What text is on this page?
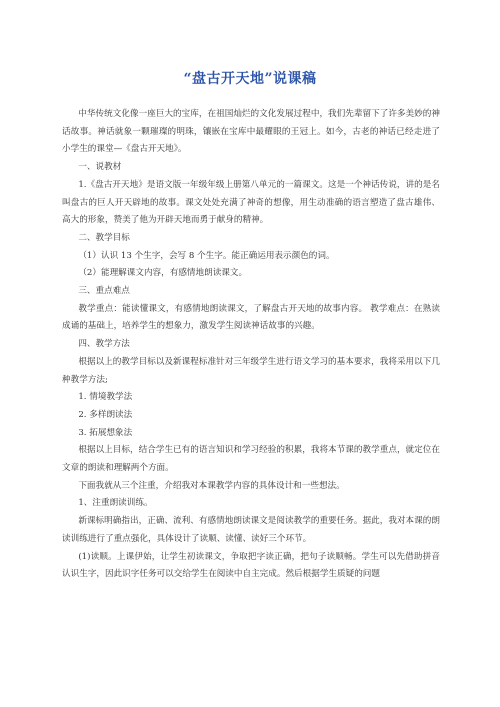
“盘古开天地”说课稿

中华传统文化像一座巨大的宝库，在祖国灿烂的文化发展过程中，我们先辈留下了许多美妙的神话故事。神话就象一颗璀璨的明珠，镶嵌在宝库中最耀眼的王冠上。如今，古老的神话已经走进了小学生的课堂—《盘古开天地》。

一、说教材

1.《盘古开天地》是语文版一年级年级上册第八单元的一篇课文。这是一个神话传说，讲的是名叫盘古的巨人开天辟地的故事。课文处处充满了神奇的想像，用生动准确的语言塑造了盘古雄伟、高大的形象，赞美了他为开辟天地而勇于献身的精神。

二、教学目标

（1）认识 13 个生字，会写 8 个生字。能正确运用表示颜色的词。

（2）能理解课文内容，有感情地朗读课文。

三、重点难点

教学重点：能读懂课文，有感情地朗读课文，了解盘古开天地的故事内容。 教学难点：在熟读成诵的基础上，培养学生的想象力，激发学生阅读神话故事的兴趣。

四、教学方法

根据以上的教学目标以及新课程标准针对三年级学生进行语文学习的基本要求，我将采用以下几种教学方法;

1. 情境教学法

2. 多样朗读法

3. 拓展想象法

根据以上目标，结合学生已有的语言知识和学习经验的积累，我将本节课的教学重点，就定位在文章的朗读和理解两个方面。

下面我就从三个注重，介绍我对本课教学内容的具体设计和一些想法。

1、注重朗读训练。

新课标明确指出，正确、流利、有感情地朗读课文是阅读教学的重要任务。据此，我对本课的朗读训练进行了重点强化，具体设计了读顺、读懂、读好三个环节。

(1)读顺。上课伊始，让学生初读课文，争取把字读正确，把句子读顺畅。学生可以先借助拼音认识生字，因此识字任务可以交给学生在阅读中自主完成。然后根据学生质疑的问题
